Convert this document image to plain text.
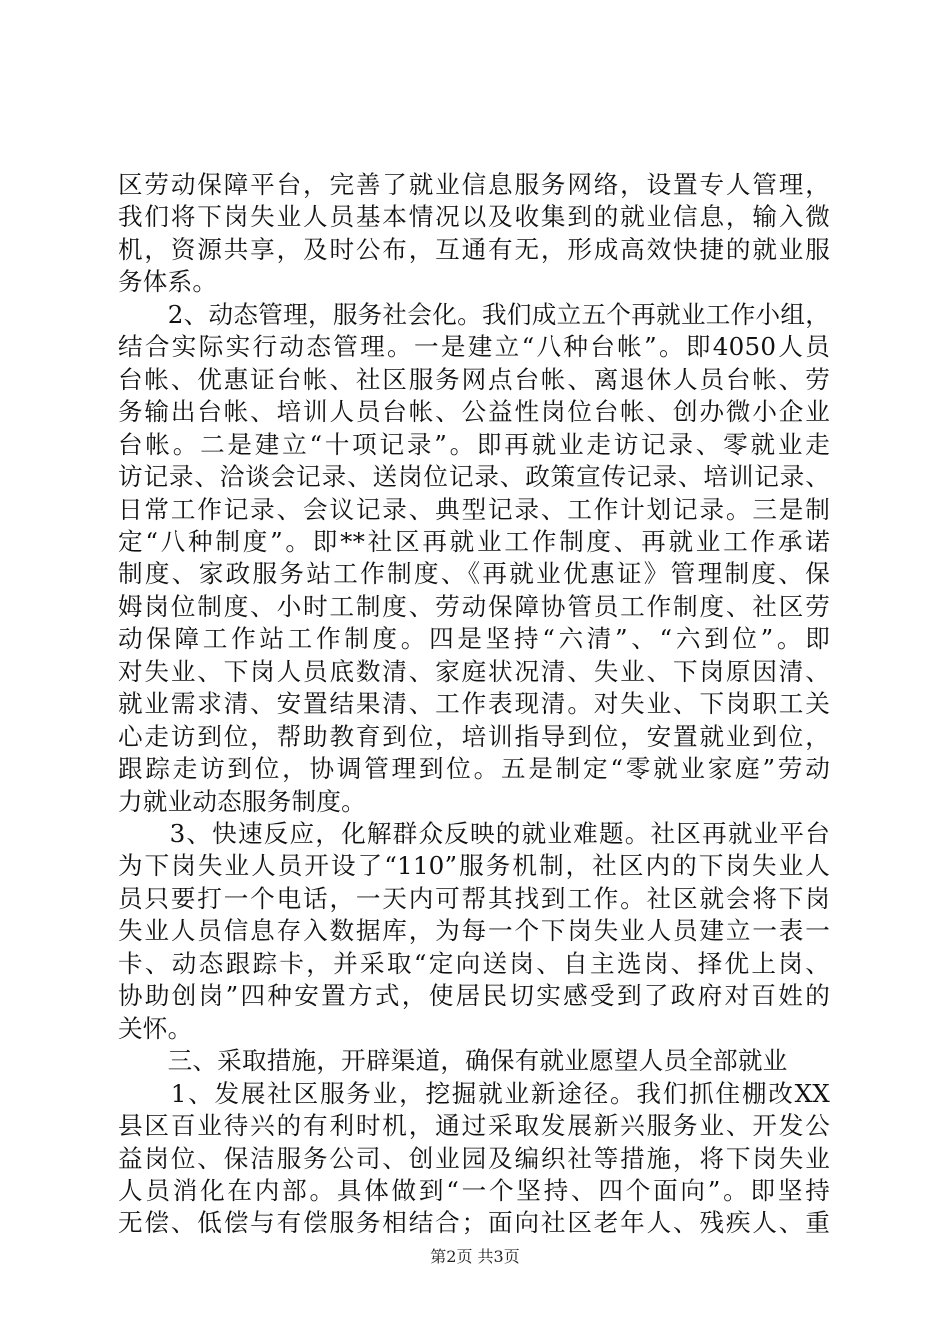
区劳动保障平台，完善了就业信息服务网络，设置专人管理，
我们将下岗失业人员基本情况以及收集到的就业信息，输入微
机，资源共享，及时公布，互通有无，形成高效快捷的就业服
务体系。
　　2、动态管理，服务社会化。我们成立五个再就业工作小组，
结合实际实行动态管理。一是建立“八种台帐”。即4050人员
台帐、优惠证台帐、社区服务网点台帐、离退休人员台帐、劳
务输出台帐、培训人员台帐、公益性岗位台帐、创办微小企业
台帐。二是建立“十项记录”。即再就业走访记录、零就业走
访记录、洽谈会记录、送岗位记录、政策宣传记录、培训记录、
日常工作记录、会议记录、典型记录、工作计划记录。三是制
定“八种制度”。即**社区再就业工作制度、再就业工作承诺
制度、家政服务站工作制度、《再就业优惠证》管理制度、保
姆岗位制度、小时工制度、劳动保障协管员工作制度、社区劳
动保障工作站工作制度。四是坚持“六清”、“六到位”。即
对失业、下岗人员底数清、家庭状况清、失业、下岗原因清、
就业需求清、安置结果清、工作表现清。对失业、下岗职工关
心走访到位，帮助教育到位，培训指导到位，安置就业到位，
跟踪走访到位，协调管理到位。五是制定“零就业家庭”劳动
力就业动态服务制度。
　　3、快速反应，化解群众反映的就业难题。社区再就业平台
为下岗失业人员开设了“110”服务机制，社区内的下岗失业人
员只要打一个电话，一天内可帮其找到工作。社区就会将下岗
失业人员信息存入数据库，为每一个下岗失业人员建立一表一
卡、动态跟踪卡，并采取“定向送岗、自主选岗、择优上岗、
协助创岗”四种安置方式，使居民切实感受到了政府对百姓的
关怀。
　　三、采取措施，开辟渠道，确保有就业愿望人员全部就业
　　1、发展社区服务业，挖掘就业新途径。我们抓住棚改XX
县区百业待兴的有利时机，通过采取发展新兴服务业、开发公
益岗位、保洁服务公司、创业园及编织社等措施，将下岗失业
人员消化在内部。具体做到“一个坚持、四个面向”。即坚持
无偿、低偿与有偿服务相结合；面向社区老年人、残疾人、重
第2页 共3页
